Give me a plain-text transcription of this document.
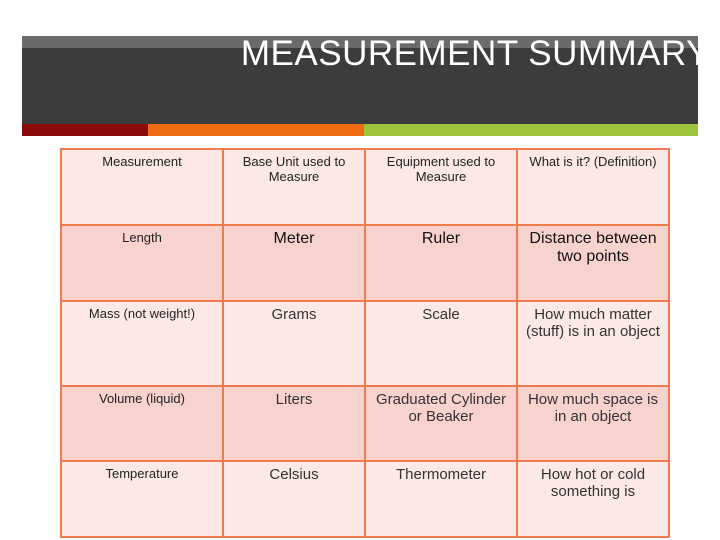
MEASUREMENT SUMMARY
Measurement	Base Unit used to Measure	Equipment used to Measure	What is it? (Definition)
Length	Meter	Ruler	Distance between two points
Mass (not weight!)	Grams	Scale	How much matter (stuff) is in an object
Volume (liquid)	Liters	Graduated Cylinder or Beaker	How much space is in an object
Temperature	Celsius	Thermometer	How hot or cold something is
